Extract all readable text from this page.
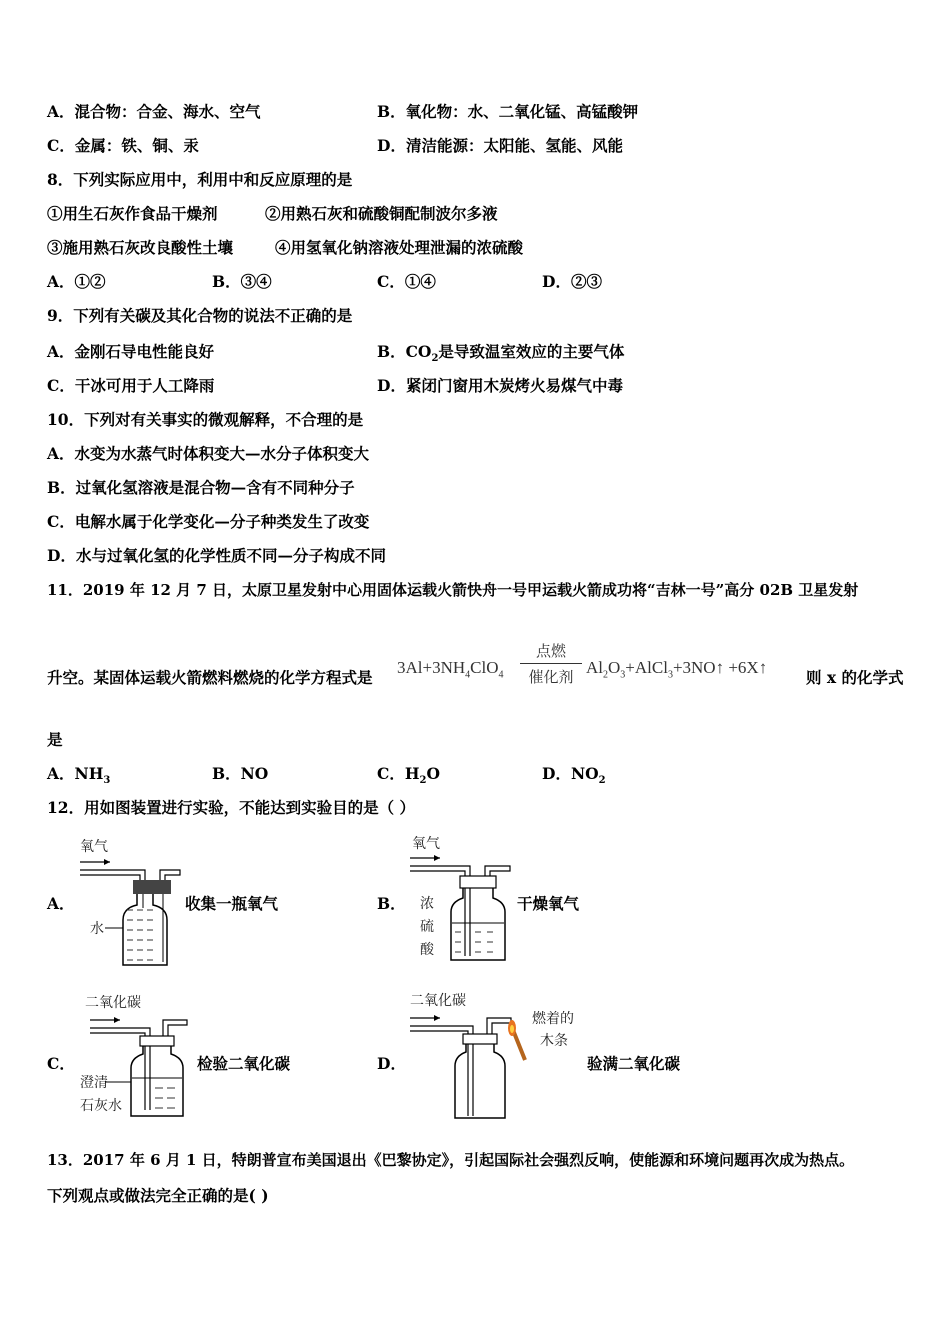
A．混合物：合金、海水、空气	B．氧化物：水、二氧化锰、高锰酸钾
C．金属：铁、铜、汞	D．清洁能源：太阳能、氢能、风能
8．下列实际应用中，利用中和反应原理的是
①用生石灰作食品干燥剂	②用熟石灰和硫酸铜配制波尔多液
③施用熟石灰改良酸性土壤	④用氢氧化钠溶液处理泄漏的浓硫酸
A．①②	B．③④	C．①④	D．②③
9．下列有关碳及其化合物的说法不正确的是
A．金刚石导电性能良好	B．$CO_2$是导致温室效应的主要气体
C．干冰可用于人工降雨	D．紧闭门窗用木炭烤火易煤气中毒
10．下列对有关事实的微观解释，不合理的是
A．水变为水蒸气时体积变大—水分子体积变大
B．过氧化氢溶液是混合物—含有不同种分子
C．电解水属于化学变化—分子种类发生了改变
D．水与过氧化氢的化学性质不同—分子构成不同
11．2019 年 12 月 7 日，太原卫星发射中心用固体运载火箭快舟一号甲运载火箭成功将“吉林一号”高分 02B 卫星发射
升空。某固体运载火箭燃料燃烧的化学方程式是
$3Al+3NH_4ClO_4$
点燃
催化剂 $Al_2O_3+AlCl_3+3NO↑$ +6X↑
则 x 的化学式
是
A．$NH_3$	B．NO	C．$H_2O$	D．$NO_2$
12．用如图装置进行实验，不能达到实验目的是（ ）
A．
氧气
水
收集一瓶氧气	B．
氧气
浓
硫
酸
干燥氧气
C．
二氧化碳
澄清
石灰水
检验二氧化碳	D．
二氧化碳
燃着的
木条
验满二氧化碳
13．2017 年 6 月 1 日，特朗普宣布美国退出《巴黎协定》，引起国际社会强烈反响，使能源和环境问题再次成为热点。
下列观点或做法完全正确的是( )
